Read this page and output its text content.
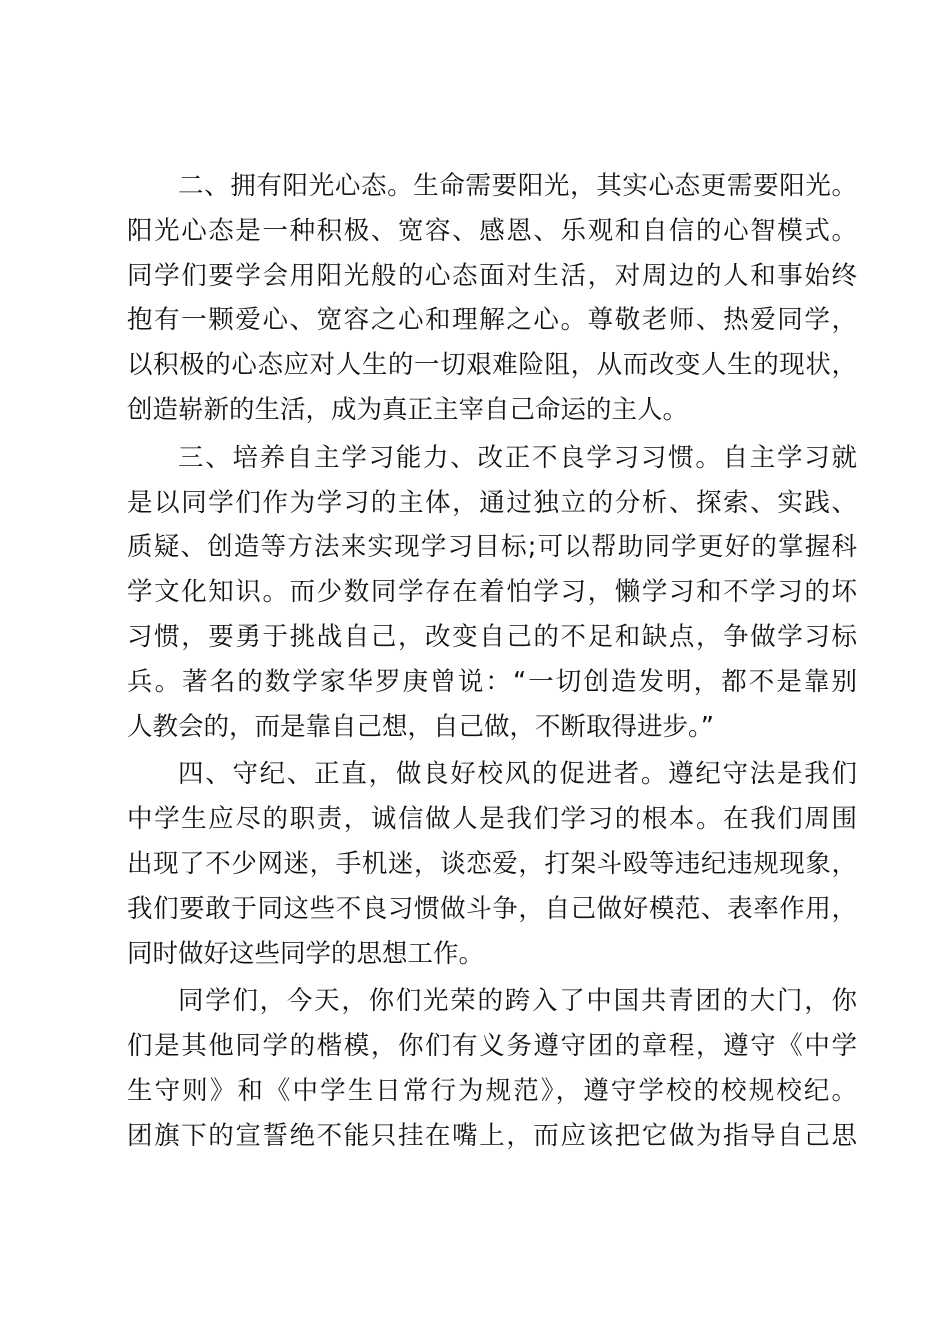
二、拥有阳光心态。生命需要阳光，其实心态更需要阳光。
阳光心态是一种积极、宽容、感恩、乐观和自信的心智模式。
同学们要学会用阳光般的心态面对生活，对周边的人和事始终
抱有一颗爱心、宽容之心和理解之心。尊敬老师、热爱同学，
以积极的心态应对人生的一切艰难险阻，从而改变人生的现状，
创造崭新的生活，成为真正主宰自己命运的主人。
三、培养自主学习能力、改正不良学习习惯。自主学习就
是以同学们作为学习的主体，通过独立的分析、探索、实践、
质疑、创造等方法来实现学习目标;可以帮助同学更好的掌握科
学文化知识。而少数同学存在着怕学习，懒学习和不学习的坏
习惯，要勇于挑战自己，改变自己的不足和缺点，争做学习标
兵。著名的数学家华罗庚曾说：“一切创造发明，都不是靠别
人教会的，而是靠自己想，自己做，不断取得进步。”
四、守纪、正直，做良好校风的促进者。遵纪守法是我们
中学生应尽的职责，诚信做人是我们学习的根本。在我们周围
出现了不少网迷，手机迷，谈恋爱，打架斗殴等违纪违规现象，
我们要敢于同这些不良习惯做斗争，自己做好模范、表率作用，
同时做好这些同学的思想工作。
同学们，今天，你们光荣的跨入了中国共青团的大门，你
们是其他同学的楷模，你们有义务遵守团的章程，遵守《中学
生守则》和《中学生日常行为规范》，遵守学校的校规校纪。
团旗下的宣誓绝不能只挂在嘴上，而应该把它做为指导自己思
